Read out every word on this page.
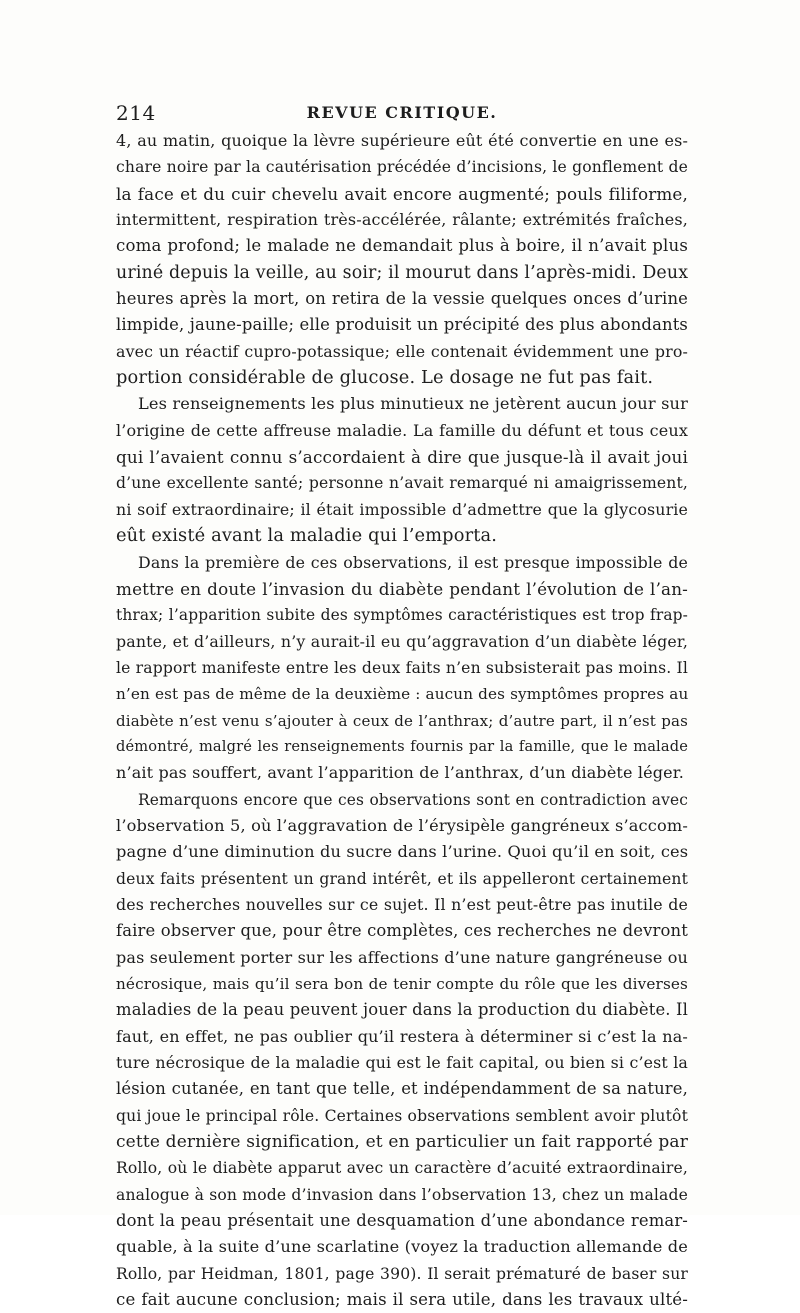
214	REVUE CRITIQUE.
4, au matin, quoique la lèvre supérieure eût été convertie en une es-
chare noire par la cautérisation précédée d’incisions, le gonflement de
la face et du cuir chevelu avait encore augmenté; pouls filiforme,
intermittent, respiration très-accélérée, râlante; extrémités fraîches,
coma profond; le malade ne demandait plus à boire, il n’avait plus
uriné depuis la veille, au soir; il mourut dans l’après-midi. Deux
heures après la mort, on retira de la vessie quelques onces d’urine
limpide, jaune-paille; elle produisit un précipité des plus abondants
avec un réactif cupro-potassique; elle contenait évidemment une pro-
portion considérable de glucose. Le dosage ne fut pas fait.
Les renseignements les plus minutieux ne jetèrent aucun jour sur
l’origine de cette affreuse maladie. La famille du défunt et tous ceux
qui l’avaient connu s’accordaient à dire que jusque-là il avait joui
d’une excellente santé; personne n’avait remarqué ni amaigrissement,
ni soif extraordinaire; il était impossible d’admettre que la glycosurie
eût existé avant la maladie qui l’emporta.
Dans la première de ces observations, il est presque impossible de
mettre en doute l’invasion du diabète pendant l’évolution de l’an-
thrax; l’apparition subite des symptômes caractéristiques est trop frap-
pante, et d’ailleurs, n’y aurait-il eu qu’aggravation d’un diabète léger,
le rapport manifeste entre les deux faits n’en subsisterait pas moins. Il
n’en est pas de même de la deuxième : aucun des symptômes propres au
diabète n’est venu s’ajouter à ceux de l’anthrax; d’autre part, il n’est pas
démontré, malgré les renseignements fournis par la famille, que le malade
n’ait pas souffert, avant l’apparition de l’anthrax, d’un diabète léger.
Remarquons encore que ces observations sont en contradiction avec
l’observation 5, où l’aggravation de l’érysipèle gangréneux s’accom-
pagne d’une diminution du sucre dans l’urine. Quoi qu’il en soit, ces
deux faits présentent un grand intérêt, et ils appelleront certainement
des recherches nouvelles sur ce sujet. Il n’est peut-être pas inutile de
faire observer que, pour être complètes, ces recherches ne devront
pas seulement porter sur les affections d’une nature gangréneuse ou
nécrosique, mais qu’il sera bon de tenir compte du rôle que les diverses
maladies de la peau peuvent jouer dans la production du diabète. Il
faut, en effet, ne pas oublier qu’il restera à déterminer si c’est la na-
ture nécrosique de la maladie qui est le fait capital, ou bien si c’est la
lésion cutanée, en tant que telle, et indépendamment de sa nature,
qui joue le principal rôle. Certaines observations semblent avoir plutôt
cette dernière signification, et en particulier un fait rapporté par
Rollo, où le diabète apparut avec un caractère d’acuité extraordinaire,
analogue à son mode d’invasion dans l’observation 13, chez un malade
dont la peau présentait une desquamation d’une abondance remar-
quable, à la suite d’une scarlatine (voyez la traduction allemande de
Rollo, par Heidman, 1801, page 390). Il serait prématuré de baser sur
ce fait aucune conclusion; mais il sera utile, dans les travaux ulté-
